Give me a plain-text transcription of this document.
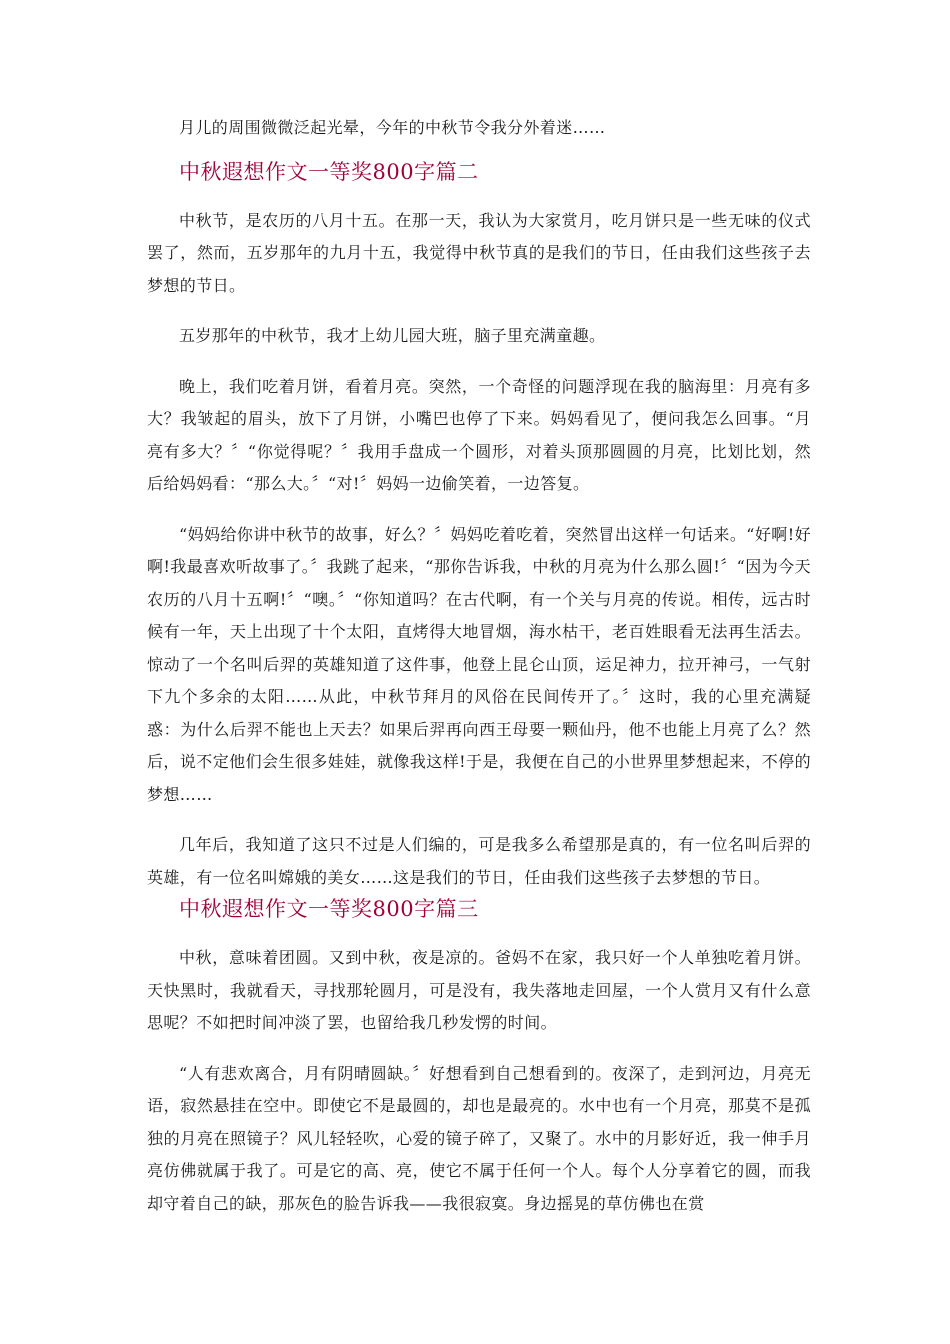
月儿的周围微微泛起光晕，今年的中秋节令我分外着迷……

中秋遐想作文一等奖800字篇二

中秋节，是农历的八月十五。在那一天，我认为大家赏月，吃月饼只是一些无味的仪式罢了，然而，五岁那年的九月十五，我觉得中秋节真的是我们的节日，任由我们这些孩子去梦想的节日。

五岁那年的中秋节，我才上幼儿园大班，脑子里充满童趣。

晚上，我们吃着月饼，看着月亮。突然，一个奇怪的问题浮现在我的脑海里：月亮有多大？我皱起的眉头，放下了月饼，小嘴巴也停了下来。妈妈看见了，便问我怎么回事。“月亮有多大？〞“你觉得呢？〞我用手盘成一个圆形，对着头顶那圆圆的月亮，比划比划，然后给妈妈看：“那么大。〞“对!〞妈妈一边偷笑着，一边答复。

“妈妈给你讲中秋节的故事，好么？〞妈妈吃着吃着，突然冒出这样一句话来。“好啊!好啊!我最喜欢听故事了。〞我跳了起来，“那你告诉我，中秋的月亮为什么那么圆!〞“因为今天农历的八月十五啊!〞“噢。〞“你知道吗？在古代啊，有一个关与月亮的传说。相传，远古时候有一年，天上出现了十个太阳，直烤得大地冒烟，海水枯干，老百姓眼看无法再生活去。惊动了一个名叫后羿的英雄知道了这件事，他登上昆仑山顶，运足神力，拉开神弓，一气射下九个多余的太阳……从此，中秋节拜月的风俗在民间传开了。〞这时，我的心里充满疑惑：为什么后羿不能也上天去？如果后羿再向西王母要一颗仙丹，他不也能上月亮了么？然后，说不定他们会生很多娃娃，就像我这样!于是，我便在自己的小世界里梦想起来，不停的梦想……

几年后，我知道了这只不过是人们编的，可是我多么希望那是真的，有一位名叫后羿的英雄，有一位名叫嫦娥的美女……这是我们的节日，任由我们这些孩子去梦想的节日。

中秋遐想作文一等奖800字篇三

中秋，意味着团圆。又到中秋，夜是凉的。爸妈不在家，我只好一个人单独吃着月饼。天快黑时，我就看天，寻找那轮圆月，可是没有，我失落地走回屋，一个人赏月又有什么意思呢？不如把时间冲淡了罢，也留给我几秒发愣的时间。

“人有悲欢离合，月有阴晴圆缺。〞好想看到自己想看到的。夜深了，走到河边，月亮无语，寂然悬挂在空中。即使它不是最圆的，却也是最亮的。水中也有一个月亮，那莫不是孤独的月亮在照镜子？风儿轻轻吹，心爱的镜子碎了，又聚了。水中的月影好近，我一伸手月亮仿佛就属于我了。可是它的高、亮，使它不属于任何一个人。每个人分享着它的圆，而我却守着自己的缺，那灰色的脸告诉我——我很寂寞。身边摇晃的草仿佛也在赏
